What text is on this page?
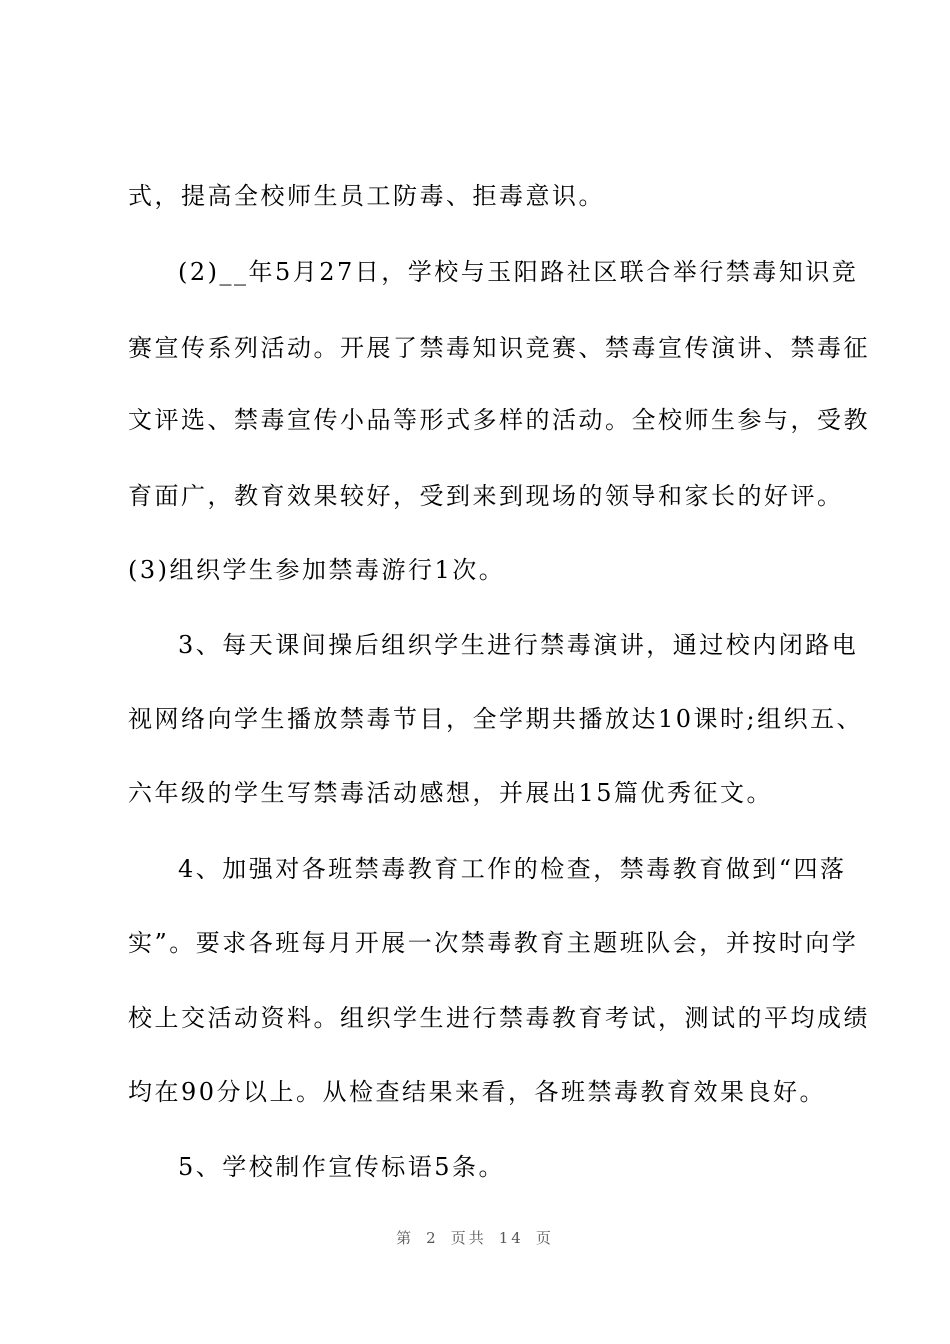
式，提高全校师生员工防毒、拒毒意识。
(2)__年5月27日，学校与玉阳路社区联合举行禁毒知识竞
赛宣传系列活动。开展了禁毒知识竞赛、禁毒宣传演讲、禁毒征
文评选、禁毒宣传小品等形式多样的活动。全校师生参与，受教
育面广，教育效果较好，受到来到现场的领导和家长的好评。
(3)组织学生参加禁毒游行1次。
3、每天课间操后组织学生进行禁毒演讲，通过校内闭路电
视网络向学生播放禁毒节目，全学期共播放达10课时;组织五、
六年级的学生写禁毒活动感想，并展出15篇优秀征文。
4、加强对各班禁毒教育工作的检查，禁毒教育做到“四落
实”。要求各班每月开展一次禁毒教育主题班队会，并按时向学
校上交活动资料。组织学生进行禁毒教育考试，测试的平均成绩
均在90分以上。从检查结果来看，各班禁毒教育效果良好。
5、学校制作宣传标语5条。
第 2 页共 14 页
